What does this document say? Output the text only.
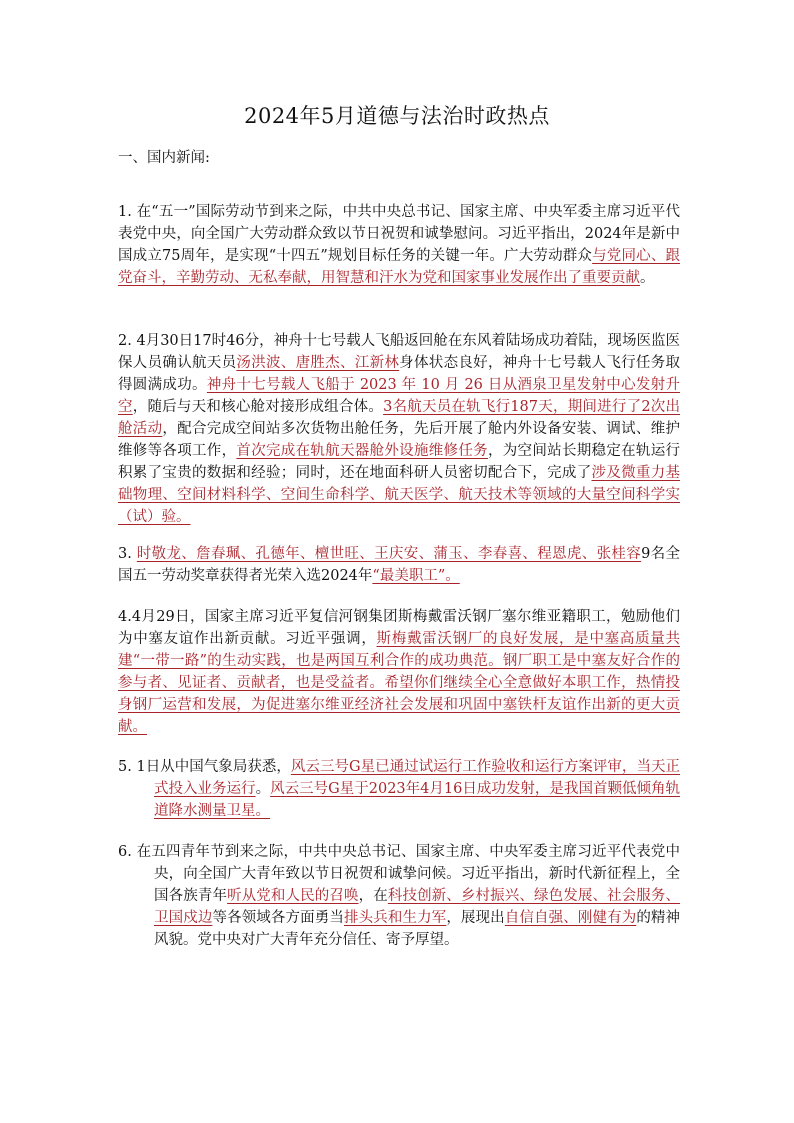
2024年5月道德与法治时政热点
一、国内新闻:

1. 在“五一”国际劳动节到来之际，中共中央总书记、国家主席、中央军委主席习近平代表党中央，向全国广大劳动群众致以节日祝贺和诚挚慰问。习近平指出，2024年是新中国成立75周年，是实现“十四五”规划目标任务的关键一年。广大劳动群众与党同心、跟党奋斗，辛勤劳动、无私奉献，用智慧和汗水为党和国家事业发展作出了重要贡献。

2. 4月30日17时46分，神舟十七号载人飞船返回舱在东风着陆场成功着陆，现场医监医保人员确认航天员汤洪波、唐胜杰、江新林身体状态良好，神舟十七号载人飞行任务取得圆满成功。神舟十七号载人飞船于 2023 年 10 月 26 日从酒泉卫星发射中心发射升空，随后与天和核心舱对接形成组合体。3名航天员在轨飞行187天，期间进行了2次出舱活动，配合完成空间站多次货物出舱任务，先后开展了舱内外设备安装、调试、维护维修等各项工作，首次完成在轨航天器舱外设施维修任务，为空间站长期稳定在轨运行积累了宝贵的数据和经验；同时，还在地面科研人员密切配合下，完成了涉及微重力基础物理、空间材料科学、空间生命科学、航天医学、航天技术等领域的大量空间科学实（试）验。

3. 时敬龙、詹春珮、孔德年、檀世旺、王庆安、蒲玉、李春喜、程恩虎、张桂容9名全国五一劳动奖章获得者光荣入选2024年“最美职工”。

4.4月29日，国家主席习近平复信河钢集团斯梅戴雷沃钢厂塞尔维亚籍职工，勉励他们为中塞友谊作出新贡献。习近平强调，斯梅戴雷沃钢厂的良好发展，是中塞高质量共建“一带一路”的生动实践，也是两国互利合作的成功典范。钢厂职工是中塞友好合作的参与者、见证者、贡献者，也是受益者。希望你们继续全心全意做好本职工作，热情投身钢厂运营和发展，为促进塞尔维亚经济社会发展和巩固中塞铁杆友谊作出新的更大贡献。

5. 1日从中国气象局获悉，风云三号G星已通过试运行工作验收和运行方案评审，当天正式投入业务运行。风云三号G星于2023年4月16日成功发射，是我国首颗低倾角轨道降水测量卫星。

6. 在五四青年节到来之际，中共中央总书记、国家主席、中央军委主席习近平代表党中央，向全国广大青年致以节日祝贺和诚挚问候。习近平指出，新时代新征程上，全国各族青年听从党和人民的召唤，在科技创新、乡村振兴、绿色发展、社会服务、卫国戍边等各领域各方面勇当排头兵和生力军，展现出自信自强、刚健有为的精神风貌。党中央对广大青年充分信任、寄予厚望。
